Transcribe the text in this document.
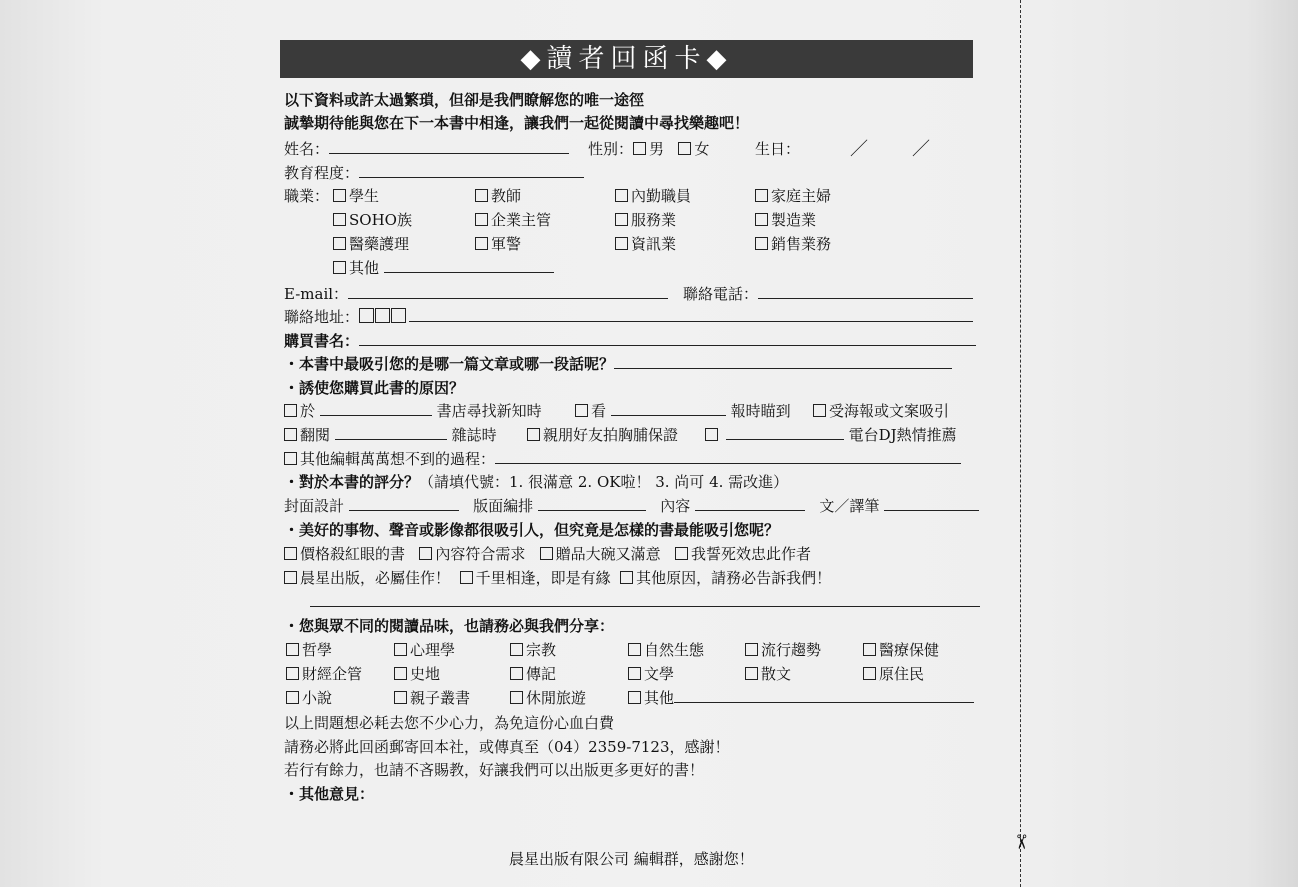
✂
◆讀者回函卡◆
以下資料或許太過繁瑣，但卻是我們瞭解您的唯一途徑
誠摯期待能與您在下一本書中相逢，讓我們一起從閱讀中尋找樂趣吧！
姓名：	性別： 男 女	生日：	／ ／
教育程度：
職業：	學生	教師	內勤職員	家庭主婦
SOHO族	企業主管	服務業	製造業
醫藥護理	軍警	資訊業	銷售業務
其他
E-mail：	聯絡電話：
聯絡地址：
購買書名：
・本書中最吸引您的是哪一篇文章或哪一段話呢？
・誘使您購買此書的原因？
於	書店尋找新知時	看	報時瞄到	受海報或文案吸引
翻閱	雜誌時	親朋好友拍胸脯保證	電台DJ熱情推薦
其他編輯萬萬想不到的過程：
・對於本書的評分？（請填代號：1. 很滿意 2. OK啦！ 3. 尚可 4. 需改進）
封面設計	版面編排	內容	文／譯筆
・美好的事物、聲音或影像都很吸引人，但究竟是怎樣的書最能吸引您呢？
價格殺紅眼的書 內容符合需求 贈品大碗又滿意 我誓死效忠此作者
晨星出版，必屬佳作！ 千里相逢，即是有緣 其他原因，請務必告訴我們！
・您與眾不同的閱讀品味，也請務必與我們分享：
哲學	心理學	宗教	自然生態	流行趨勢	醫療保健
財經企管	史地	傳記	文學	散文	原住民
小說	親子叢書	休閒旅遊	其他
以上問題想必耗去您不少心力，為免這份心血白費
請務必將此回函郵寄回本社，或傳真至（04）2359-7123，感謝！
若行有餘力，也請不吝賜教，好讓我們可以出版更多更好的書！
・其他意見：
晨星出版有限公司 編輯群，感謝您！
